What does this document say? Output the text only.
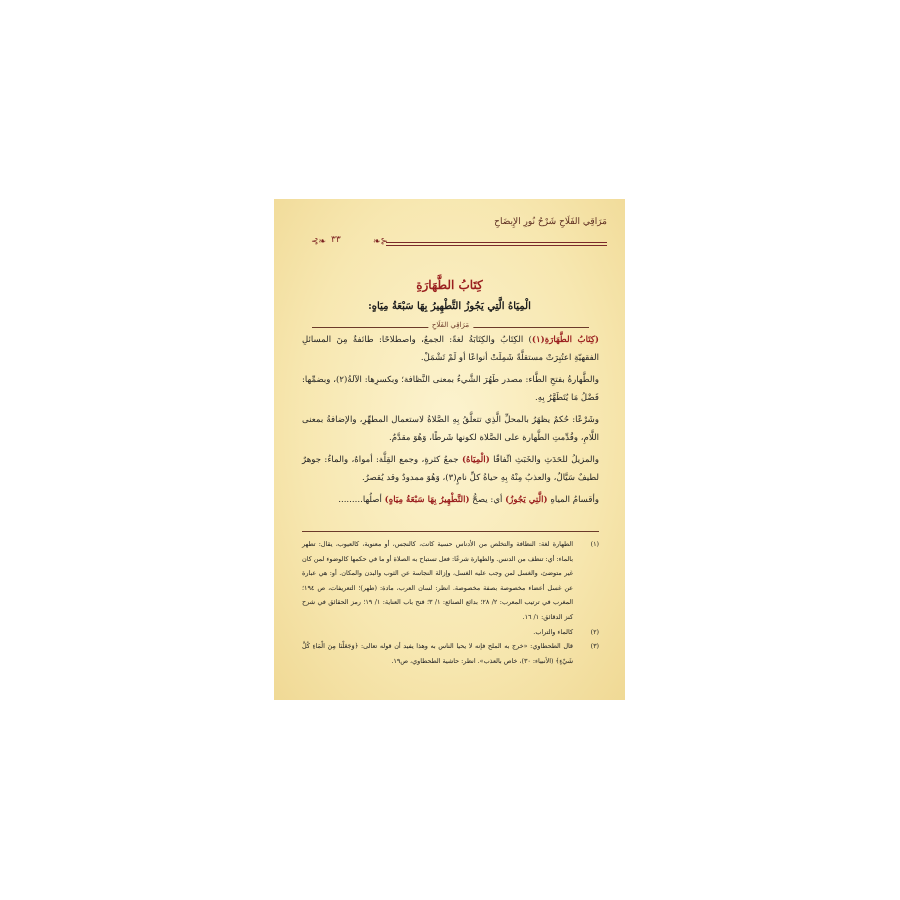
مَرَاقِي الفَلَاحِ شَرْحُ نُورِ الإِيضَاحِ
❧⊱ ٣٣	⊰❧
كِتَابُ الطَّهَارَةِ
الْمِيَاهُ الَّتِي يَجُوزُ التَّطْهِيرُ بِهَا سَبْعَةُ مِيَاهٍ:
مَرَاقِي الفَلَاحِ

(كِتَابُ الطَّهَارَةِ(١)) الكِتَابُ والكِتَابَةُ لغةً: الجمعُ، واصطلاحًا: طائفةٌ مِنَ المسائلِ الفقهيّةِ اعتُبِرَتْ مستقلَّةً شَمِلَتْ أنواعًا أو لَمْ تَشْمَلْ.

والطَّهارةُ بفتحِ الطَّاء: مصدر طَهُرَ الشَّيءُ بمعنى النَّظافة؛ وبكسرِها: الآلةُ(٢)، وبضمِّها: فَضْلُ مَا يُتَطَهَّرُ بِهِ.

وشَرْعًا: حُكمٌ يظهَرُ بالمحلِّ الَّذِي تتعلَّقُ بِهِ الصَّلاةُ لاستعمال المطهِّرِ، والإضافةُ بمعنى اللَّامِ، وقُدِّمتِ الطَّهارة على الصَّلاة لكونها شَرطًا، وَهُوَ مقدَّمٌ.

والمزيلُ للحَدَثِ والخَبَثِ اتِّفاقًا (الْمِيَاهُ) جمعُ كثرةٍ، وجمع القِلَّة: أمواهٌ، والماءُ: جوهرٌ لطيفٌ سَيَّالٌ، والعذبُ مِنْهُ بِهِ حياةُ كلِّ نامٍ(٣)، وَهُوَ ممدودٌ وقد يُقصرُ.

وأقسامُ المياهِ (الَّتِي يَجُوزُ) أي: يصحُّ (التَّطْهِيرُ بِهَا سَبْعَةُ مِيَاهٍ) أصلُها.........

(١)
الطهارة لغة: النظافة والتخلص من الأدناس حسية كانت، كالنجس، أو معنوية، كالعيوب، يقال: تطهر بالماء: أي: تنظف من الدنس. والطهارة شرعًا: فعل تستباح به الصلاة أو ما في حكمها كالوضوء لمن كان غير متوضئ، والغسل لمن وجب عليه الغسل، وإزالة النجاسة عن الثوب والبدن والمكان. أو: هي عبارة عن غسل أعضاء مخصوصة بصفة مخصوصة. انظر: لسان العرب، مادة: (طهر)؛ التعريفات، ص ١٩٤؛ المغرب في ترتيب المعرب: ٢/ ٢٨؛ بدائع الصنائع: ١/ ٣؛ فتح باب العناية: ١/ ١٩؛ رمز الحقائق في شرح كنز الدقائق: ١/ ١٦.
(٢)
كالماء والتراب.
(٣)
قال الطحطاوي: «خرج به الملح فإنه لا يحيا الناس به وهذا يفيد أن قوله تعالى: ﴿وَجَعَلْنَا مِنَ الْمَاءِ كُلَّ شَيْءٍ﴾ (الأنبياء: ٣٠)، خاص بالعذب». انظر: حاشية الطحطاوي، ص١٩.
